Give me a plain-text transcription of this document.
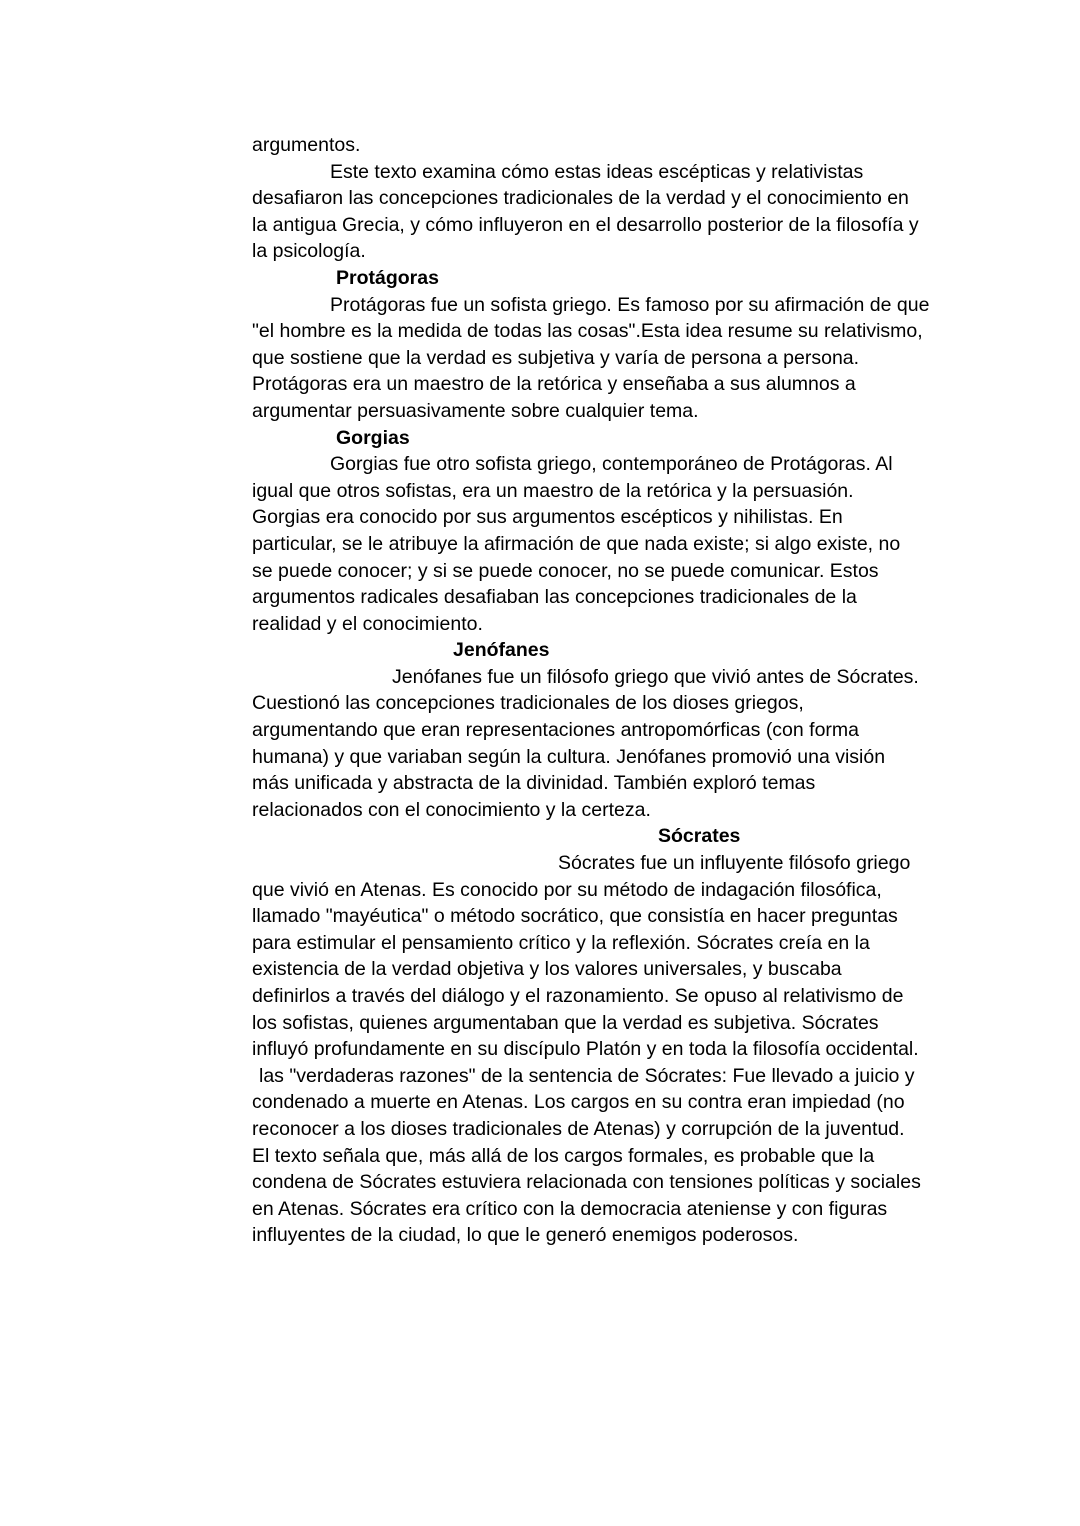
argumentos.
Este texto examina cómo estas ideas escépticas y relativistas
desafiaron las concepciones tradicionales de la verdad y el conocimiento en
la antigua Grecia, y cómo influyeron en el desarrollo posterior de la filosofía y
la psicología.
Protágoras
Protágoras fue un sofista griego. Es famoso por su afirmación de que
"el hombre es la medida de todas las cosas".Esta idea resume su relativismo,
que sostiene que la verdad es subjetiva y varía de persona a persona.
Protágoras era un maestro de la retórica y enseñaba a sus alumnos a
argumentar persuasivamente sobre cualquier tema.
Gorgias
Gorgias fue otro sofista griego, contemporáneo de Protágoras. Al
igual que otros sofistas, era un maestro de la retórica y la persuasión.
Gorgias era conocido por sus argumentos escépticos y nihilistas. En
particular, se le atribuye la afirmación de que nada existe; si algo existe, no
se puede conocer; y si se puede conocer, no se puede comunicar. Estos
argumentos radicales desafiaban las concepciones tradicionales de la
realidad y el conocimiento.
Jenófanes
Jenófanes fue un filósofo griego que vivió antes de Sócrates.
Cuestionó las concepciones tradicionales de los dioses griegos,
argumentando que eran representaciones antropomórficas (con forma
humana) y que variaban según la cultura. Jenófanes promovió una visión
más unificada y abstracta de la divinidad. También exploró temas
relacionados con el conocimiento y la certeza.
Sócrates
Sócrates fue un influyente filósofo griego
que vivió en Atenas. Es conocido por su método de indagación filosófica,
llamado "mayéutica" o método socrático, que consistía en hacer preguntas
para estimular el pensamiento crítico y la reflexión. Sócrates creía en la
existencia de la verdad objetiva y los valores universales, y buscaba
definirlos a través del diálogo y el razonamiento. Se opuso al relativismo de
los sofistas, quienes argumentaban que la verdad es subjetiva. Sócrates
influyó profundamente en su discípulo Platón y en toda la filosofía occidental.
las "verdaderas razones" de la sentencia de Sócrates: Fue llevado a juicio y
condenado a muerte en Atenas. Los cargos en su contra eran impiedad (no
reconocer a los dioses tradicionales de Atenas) y corrupción de la juventud.
El texto señala que, más allá de los cargos formales, es probable que la
condena de Sócrates estuviera relacionada con tensiones políticas y sociales
en Atenas. Sócrates era crítico con la democracia ateniense y con figuras
influyentes de la ciudad, lo que le generó enemigos poderosos.
